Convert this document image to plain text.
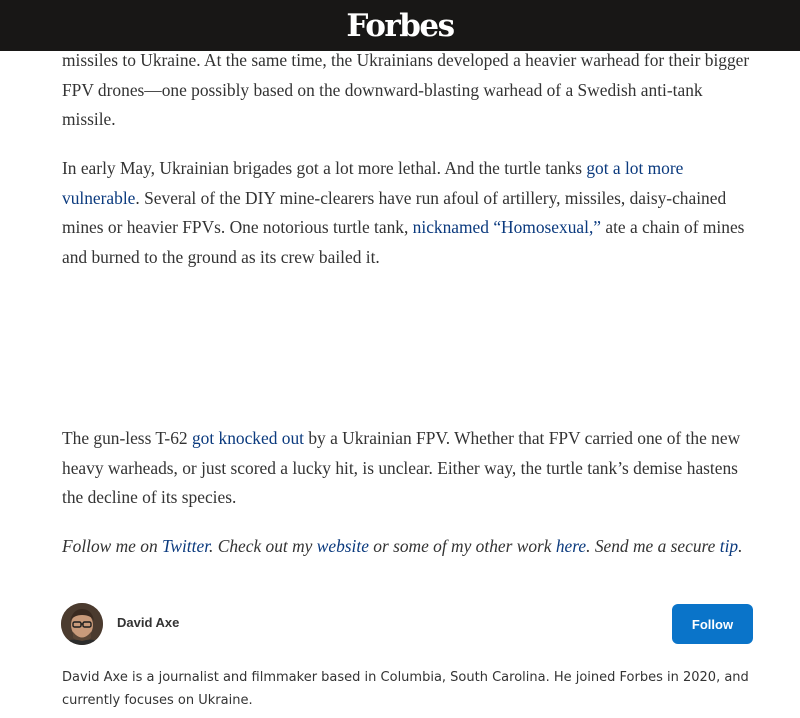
Forbes

missiles to Ukraine. At the same time, the Ukrainians developed a heavier warhead for their bigger FPV drones—one possibly based on the downward-blasting warhead of a Swedish anti-tank missile.

In early May, Ukrainian brigades got a lot more lethal. And the turtle tanks got a lot more vulnerable. Several of the DIY mine-clearers have run afoul of artillery, missiles, daisy-chained mines or heavier FPVs. One notorious turtle tank, nicknamed “Homosexual,” ate a chain of mines and burned to the ground as its crew bailed it.

The gun-less T-62 got knocked out by a Ukrainian FPV. Whether that FPV carried one of the new heavy warheads, or just scored a lucky hit, is unclear. Either way, the turtle tank’s demise hastens the decline of its species.

Follow me on Twitter. Check out my website or some of my other work here. Send me a secure tip.

David Axe	Follow
David Axe is a journalist and filmmaker based in Columbia, South Carolina. He joined Forbes in 2020, and currently focuses on Ukraine.
